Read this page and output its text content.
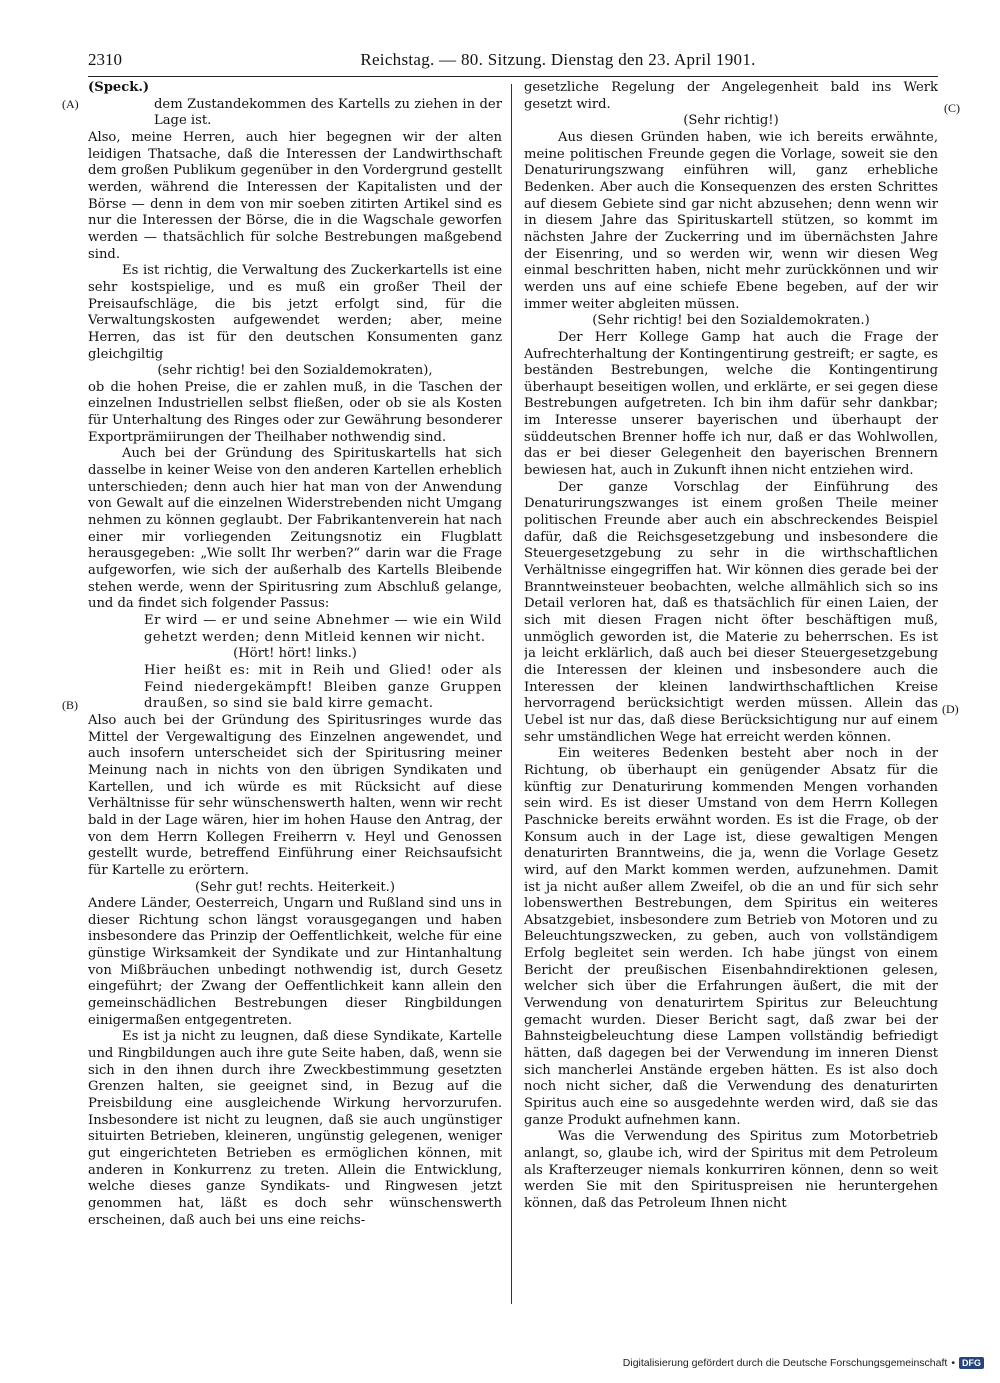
2310	Reichstag. — 80. Sitzung. Dienstag den 23. April 1901.
(A)
(B)
(C)
(D)

(Speck.)

dem Zustandekommen des Kartells zu ziehen in der Lage ist.

Also, meine Herren, auch hier begegnen wir der alten leidigen Thatsache, daß die Interessen der Landwirthschaft dem großen Publikum gegenüber in den Vordergrund gestellt werden, während die Interessen der Kapitalisten und der Börse — denn in dem von mir soeben zitirten Artikel sind es nur die Interessen der Börse, die in die Wagschale geworfen werden — thatsächlich für solche Bestrebungen maßgebend sind.

Es ist richtig, die Verwaltung des Zuckerkartells ist eine sehr kostspielige, und es muß ein großer Theil der Preisaufschläge, die bis jetzt erfolgt sind, für die Verwaltungskosten aufgewendet werden; aber, meine Herren, das ist für den deutschen Konsumenten ganz gleichgiltig

(sehr richtig! bei den Sozialdemokraten),

ob die hohen Preise, die er zahlen muß, in die Taschen der einzelnen Industriellen selbst fließen, oder ob sie als Kosten für Unterhaltung des Ringes oder zur Gewährung besonderer Exportprämiirungen der Theilhaber nothwendig sind.

Auch bei der Gründung des Spirituskartells hat sich dasselbe in keiner Weise von den anderen Kartellen erheblich unterschieden; denn auch hier hat man von der Anwendung von Gewalt auf die einzelnen Widerstrebenden nicht Umgang nehmen zu können geglaubt. Der Fabrikantenverein hat nach einer mir vorliegenden Zeitungsnotiz ein Flugblatt herausgegeben: „Wie sollt Ihr werben?“ darin war die Frage aufgeworfen, wie sich der außerhalb des Kartells Bleibende stehen werde, wenn der Spiritusring zum Abschluß gelange, und da findet sich folgender Passus:

Er wird — er und seine Abnehmer — wie ein Wild gehetzt werden; denn Mitleid kennen wir nicht.

(Hört! hört! links.)

Hier heißt es: mit in Reih und Glied! oder als Feind niedergekämpft! Bleiben ganze Gruppen draußen, so sind sie bald kirre gemacht.

Also auch bei der Gründung des Spiritusringes wurde das Mittel der Vergewaltigung des Einzelnen angewendet, und auch insofern unterscheidet sich der Spiritusring meiner Meinung nach in nichts von den übrigen Syndikaten und Kartellen, und ich würde es mit Rücksicht auf diese Verhältnisse für sehr wünschenswerth halten, wenn wir recht bald in der Lage wären, hier im hohen Hause den Antrag, der von dem Herrn Kollegen Freiherrn v. Heyl und Genossen gestellt wurde, betreffend Einführung einer Reichsaufsicht für Kartelle zu erörtern.

(Sehr gut! rechts. Heiterkeit.)

Andere Länder, Oesterreich, Ungarn und Rußland sind uns in dieser Richtung schon längst vorausgegangen und haben insbesondere das Prinzip der Oeffentlichkeit, welche für eine günstige Wirksamkeit der Syndikate und zur Hintanhaltung von Mißbräuchen unbedingt nothwendig ist, durch Gesetz eingeführt; der Zwang der Oeffentlichkeit kann allein den gemeinschädlichen Bestrebungen dieser Ringbildungen einigermaßen entgegentreten.

Es ist ja nicht zu leugnen, daß diese Syndikate, Kartelle und Ringbildungen auch ihre gute Seite haben, daß, wenn sie sich in den ihnen durch ihre Zweckbestimmung gesetzten Grenzen halten, sie geeignet sind, in Bezug auf die Preisbildung eine ausgleichende Wirkung hervorzurufen. Insbesondere ist nicht zu leugnen, daß sie auch ungünstiger situirten Betrieben, kleineren, ungünstig gelegenen, weniger gut eingerichteten Betrieben es ermöglichen können, mit anderen in Konkurrenz zu treten. Allein die Entwicklung, welche dieses ganze Syndikats- und Ringwesen jetzt genommen hat, läßt es doch sehr wünschenswerth erscheinen, daß auch bei uns eine reichs-

gesetzliche Regelung der Angelegenheit bald ins Werk gesetzt wird.

(Sehr richtig!)

Aus diesen Gründen haben, wie ich bereits erwähnte, meine politischen Freunde gegen die Vorlage, soweit sie den Denaturirungszwang einführen will, ganz erhebliche Bedenken. Aber auch die Konsequenzen des ersten Schrittes auf diesem Gebiete sind gar nicht abzusehen; denn wenn wir in diesem Jahre das Spirituskartell stützen, so kommt im nächsten Jahre der Zuckerring und im übernächsten Jahre der Eisenring, und so werden wir, wenn wir diesen Weg einmal beschritten haben, nicht mehr zurückkönnen und wir werden uns auf eine schiefe Ebene begeben, auf der wir immer weiter abgleiten müssen.

(Sehr richtig! bei den Sozialdemokraten.)

Der Herr Kollege Gamp hat auch die Frage der Aufrechterhaltung der Kontingentirung gestreift; er sagte, es beständen Bestrebungen, welche die Kontingentirung überhaupt beseitigen wollen, und erklärte, er sei gegen diese Bestrebungen aufgetreten. Ich bin ihm dafür sehr dankbar; im Interesse unserer bayerischen und überhaupt der süddeutschen Brenner hoffe ich nur, daß er das Wohlwollen, das er bei dieser Gelegenheit den bayerischen Brennern bewiesen hat, auch in Zukunft ihnen nicht entziehen wird.

Der ganze Vorschlag der Einführung des Denaturirungszwanges ist einem großen Theile meiner politischen Freunde aber auch ein abschreckendes Beispiel dafür, daß die Reichsgesetzgebung und insbesondere die Steuergesetzgebung zu sehr in die wirthschaftlichen Verhältnisse eingegriffen hat. Wir können dies gerade bei der Branntweinsteuer beobachten, welche allmählich sich so ins Detail verloren hat, daß es thatsächlich für einen Laien, der sich mit diesen Fragen nicht öfter beschäftigen muß, unmöglich geworden ist, die Materie zu beherrschen. Es ist ja leicht erklärlich, daß auch bei dieser Steuergesetzgebung die Interessen der kleinen und insbesondere auch die Interessen der kleinen landwirthschaftlichen Kreise hervorragend berücksichtigt werden müssen. Allein das Uebel ist nur das, daß diese Berücksichtigung nur auf einem sehr umständlichen Wege hat erreicht werden können.

Ein weiteres Bedenken besteht aber noch in der Richtung, ob überhaupt ein genügender Absatz für die künftig zur Denaturirung kommenden Mengen vorhanden sein wird. Es ist dieser Umstand von dem Herrn Kollegen Paschnicke bereits erwähnt worden. Es ist die Frage, ob der Konsum auch in der Lage ist, diese gewaltigen Mengen denaturirten Branntweins, die ja, wenn die Vorlage Gesetz wird, auf den Markt kommen werden, aufzunehmen. Damit ist ja nicht außer allem Zweifel, ob die an und für sich sehr lobenswerthen Bestrebungen, dem Spiritus ein weiteres Absatzgebiet, insbesondere zum Betrieb von Motoren und zu Beleuchtungszwecken, zu geben, auch von vollständigem Erfolg begleitet sein werden. Ich habe jüngst von einem Bericht der preußischen Eisenbahndirektionen gelesen, welcher sich über die Erfahrungen äußert, die mit der Verwendung von denaturirtem Spiritus zur Beleuchtung gemacht wurden. Dieser Bericht sagt, daß zwar bei der Bahnsteigbeleuchtung diese Lampen vollständig befriedigt hätten, daß dagegen bei der Verwendung im inneren Dienst sich mancherlei Anstände ergeben hätten. Es ist also doch noch nicht sicher, daß die Verwendung des denaturirten Spiritus auch eine so ausgedehnte werden wird, daß sie das ganze Produkt aufnehmen kann.

Was die Verwendung des Spiritus zum Motorbetrieb anlangt, so, glaube ich, wird der Spiritus mit dem Petroleum als Krafterzeuger niemals konkurriren können, denn so weit werden Sie mit den Spirituspreisen nie heruntergehen können, daß das Petroleum Ihnen nicht

Digitalisierung gefördert durch die Deutsche Forschungsgemeinschaft • DFG
